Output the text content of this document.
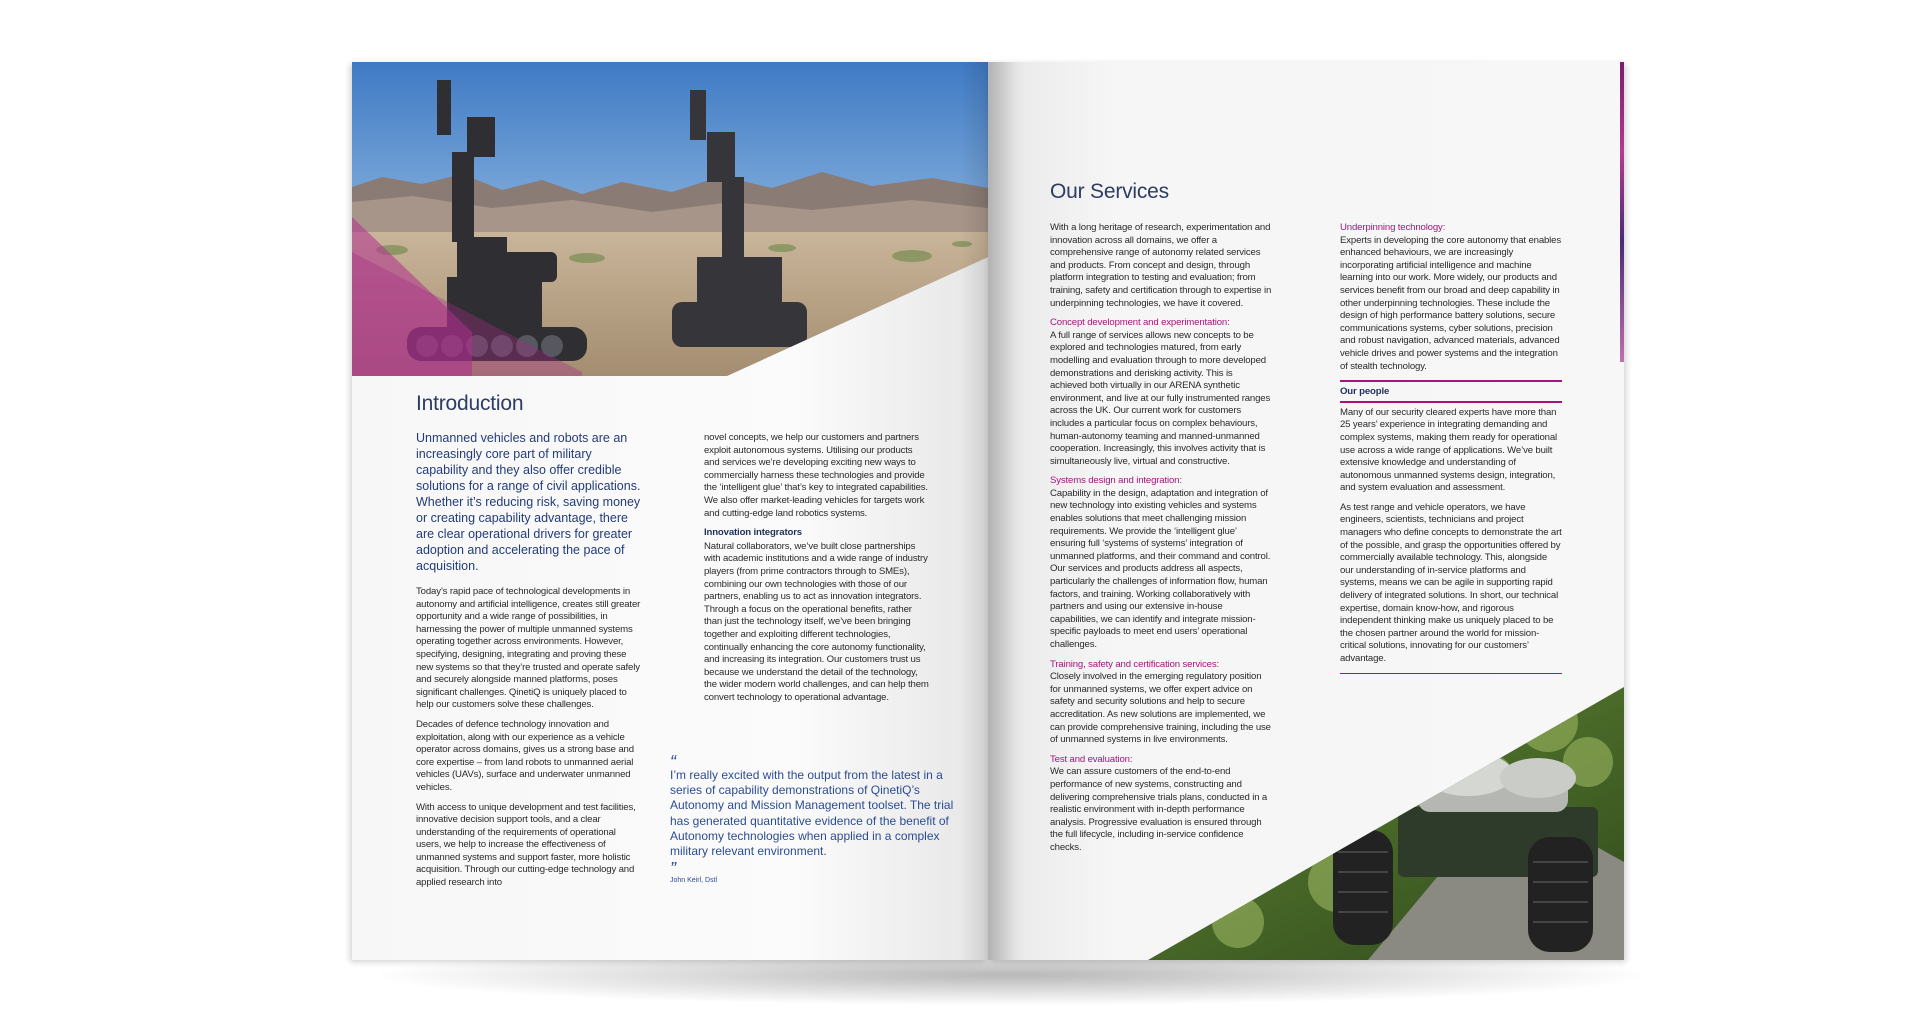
Introduction
Unmanned vehicles and robots are an increasingly core part of military capability and they also offer credible solutions for a range of civil applications. Whether it’s reducing risk, saving money or creating capability advantage, there are clear operational drivers for greater adoption and accelerating the pace of acquisition.

Today’s rapid pace of technological developments in autonomy and artificial intelligence, creates still greater opportunity and a wide range of possibilities, in harnessing the power of multiple unmanned systems operating together across environments. However, specifying, designing, integrating and proving these new systems so that they’re trusted and operate safely and securely alongside manned platforms, poses significant challenges. QinetiQ is uniquely placed to help our customers solve these challenges.

Decades of defence technology innovation and exploitation, along with our experience as a vehicle operator across domains, gives us a strong base and core expertise – from land robots to unmanned aerial vehicles (UAVs), surface and underwater unmanned vehicles.

With access to unique development and test facilities, innovative decision support tools, and a clear understanding of the requirements of operational users, we help to increase the effectiveness of unmanned systems and support faster, more holistic acquisition. Through our cutting-edge technology and applied research into

novel concepts, we help our customers and partners exploit autonomous systems. Utilising our products and services we’re developing exciting new ways to commercially harness these technologies and provide the ‘intelligent glue’ that’s key to integrated capabilities. We also offer market-leading vehicles for targets work and cutting-edge land robotics systems.

Innovation integrators

Natural collaborators, we’ve built close partnerships with academic institutions and a wide range of industry players (from prime contractors through to SMEs), combining our own technologies with those of our partners, enabling us to act as innovation integrators. Through a focus on the operational benefits, rather than just the technology itself, we’ve been bringing together and exploiting different technologies, continually enhancing the core autonomy functionality, and increasing its integration. Our customers trust us because we understand the detail of the technology, the wider modern world challenges, and can help them convert technology to operational advantage.

“
I’m really excited with the output from the latest in a series of capability demonstrations of QinetiQ’s Autonomy and Mission Management toolset. The trial has generated quantitative evidence of the benefit of Autonomy technologies when applied in a complex military relevant environment.
”
John Keirl, Dstl
Our Services

With a long heritage of research, experimentation and innovation across all domains, we offer a comprehensive range of autonomy related services and products. From concept and design, through platform integration to testing and evaluation; from training, safety and certification through to expertise in underpinning technologies, we have it covered.

Concept development and experimentation:

A full range of services allows new concepts to be explored and technologies matured, from early modelling and evaluation through to more developed demonstrations and derisking activity. This is achieved both virtually in our ARENA synthetic environment, and live at our fully instrumented ranges across the UK. Our current work for customers includes a particular focus on complex behaviours, human-autonomy teaming and manned-unmanned cooperation. Increasingly, this involves activity that is simultaneously live, virtual and constructive.

Systems design and integration:

Capability in the design, adaptation and integration of new technology into existing vehicles and systems enables solutions that meet challenging mission requirements. We provide the ‘intelligent glue’ ensuring full ‘systems of systems’ integration of unmanned platforms, and their command and control. Our services and products address all aspects, particularly the challenges of information flow, human factors, and training. Working collaboratively with partners and using our extensive in-house capabilities, we can identify and integrate mission-specific payloads to meet end users’ operational challenges.

Training, safety and certification services:

Closely involved in the emerging regulatory position for unmanned systems, we offer expert advice on safety and security solutions and help to secure accreditation. As new solutions are implemented, we can provide comprehensive training, including the use of unmanned systems in live environments.

Test and evaluation:

We can assure customers of the end-to-end performance of new systems, constructing and delivering comprehensive trials plans, conducted in a realistic environment with in-depth performance analysis. Progressive evaluation is ensured through the full lifecycle, including in-service confidence checks.

Underpinning technology:

Experts in developing the core autonomy that enables enhanced behaviours, we are increasingly incorporating artificial intelligence and machine learning into our work. More widely, our products and services benefit from our broad and deep capability in other underpinning technologies. These include the design of high performance battery solutions, secure communications systems, cyber solutions, precision and robust navigation, advanced materials, advanced vehicle drives and power systems and the integration of stealth technology.

Our people

Many of our security cleared experts have more than 25 years’ experience in integrating demanding and complex systems, making them ready for operational use across a wide range of applications. We’ve built extensive knowledge and understanding of autonomous unmanned systems design, integration, and system evaluation and assessment.

As test range and vehicle operators, we have engineers, scientists, technicians and project managers who define concepts to demonstrate the art of the possible, and grasp the opportunities offered by commercially available technology. This, alongside our understanding of in-service platforms and systems, means we can be agile in supporting rapid delivery of integrated solutions. In short, our technical expertise, domain know-how, and rigorous independent thinking make us uniquely placed to be the chosen partner around the world for mission-critical solutions, innovating for our customers’ advantage.
